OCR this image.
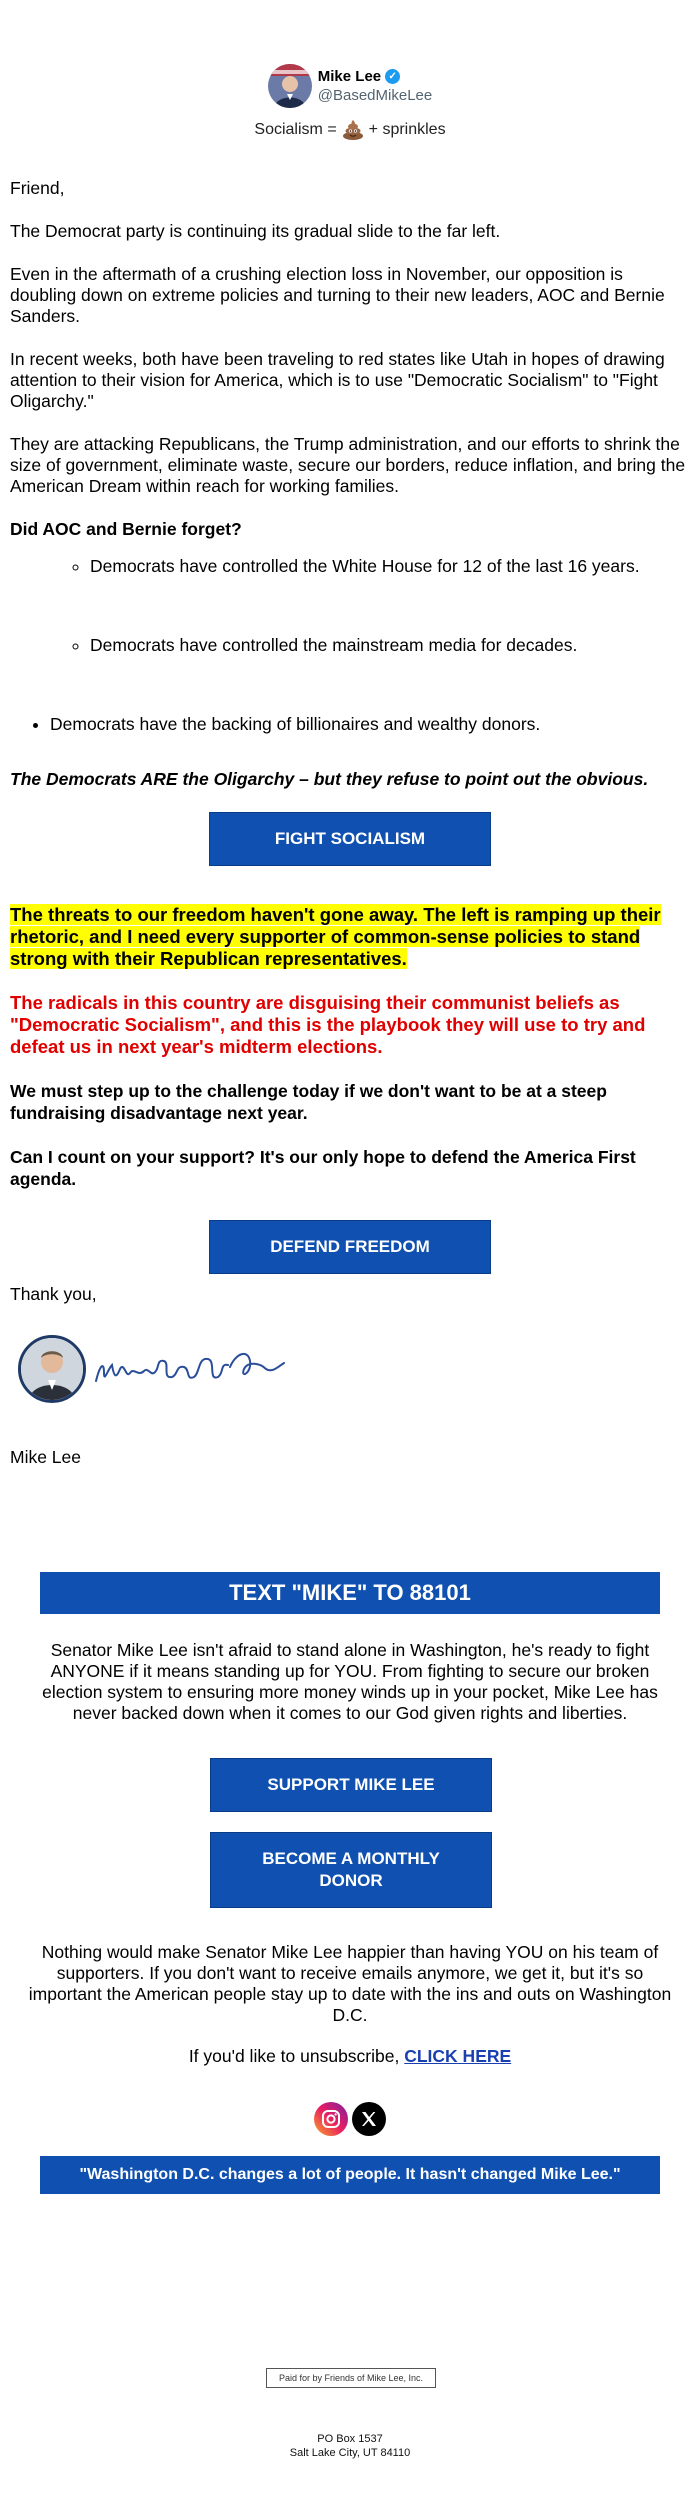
Mike Lee ✓
@BasedMikeLee
Socialism = + sprinkles

Friend,

The Democrat party is continuing its gradual slide to the far left.

Even in the aftermath of a crushing election loss in November, our opposition is doubling down on extreme policies and turning to their new leaders, AOC and Bernie Sanders.

In recent weeks, both have been traveling to red states like Utah in hopes of drawing attention to their vision for America, which is to use "Democratic Socialism" to "Fight Oligarchy."

They are attacking Republicans, the Trump administration, and our efforts to shrink the size of government, eliminate waste, secure our borders, reduce inflation, and bring the American Dream within reach for working families.

Did AOC and Bernie forget?

◦ Democrats have controlled the White House for 12 of the last 16 years.
◦ Democrats have controlled the mainstream media for decades.
• Democrats have the backing of billionaires and wealthy donors.

The Democrats ARE the Oligarchy – but they refuse to point out the obvious.

FIGHT SOCIALISM

The threats to our freedom haven't gone away. The left is ramping up their rhetoric, and I need every supporter of common-sense policies to stand strong with their Republican representatives.

The radicals in this country are disguising their communist beliefs as "Democratic Socialism", and this is the playbook they will use to try and defeat us in next year's midterm elections.

We must step up to the challenge today if we don't want to be at a steep fundraising disadvantage next year.

Can I count on your support? It's our only hope to defend the America First agenda.

DEFEND FREEDOM

Thank you,

Mike Lee

TEXT "MIKE" TO 88101
Senator Mike Lee isn't afraid to stand alone in Washington, he's ready to fight ANYONE if it means standing up for YOU. From fighting to secure our broken election system to ensuring more money winds up in your pocket, Mike Lee has never backed down when it comes to our God given rights and liberties.
SUPPORT MIKE LEE
BECOME A MONTHLY DONOR
Nothing would make Senator Mike Lee happier than having YOU on his team of supporters. If you don't want to receive emails anymore, we get it, but it's so important the American people stay up to date with the ins and outs on Washington D.C.
If you'd like to unsubscribe, CLICK HERE
"Washington D.C. changes a lot of people. It hasn't changed Mike Lee."
Paid for by Friends of Mike Lee, Inc.
PO Box 1537
Salt Lake City, UT 84110
